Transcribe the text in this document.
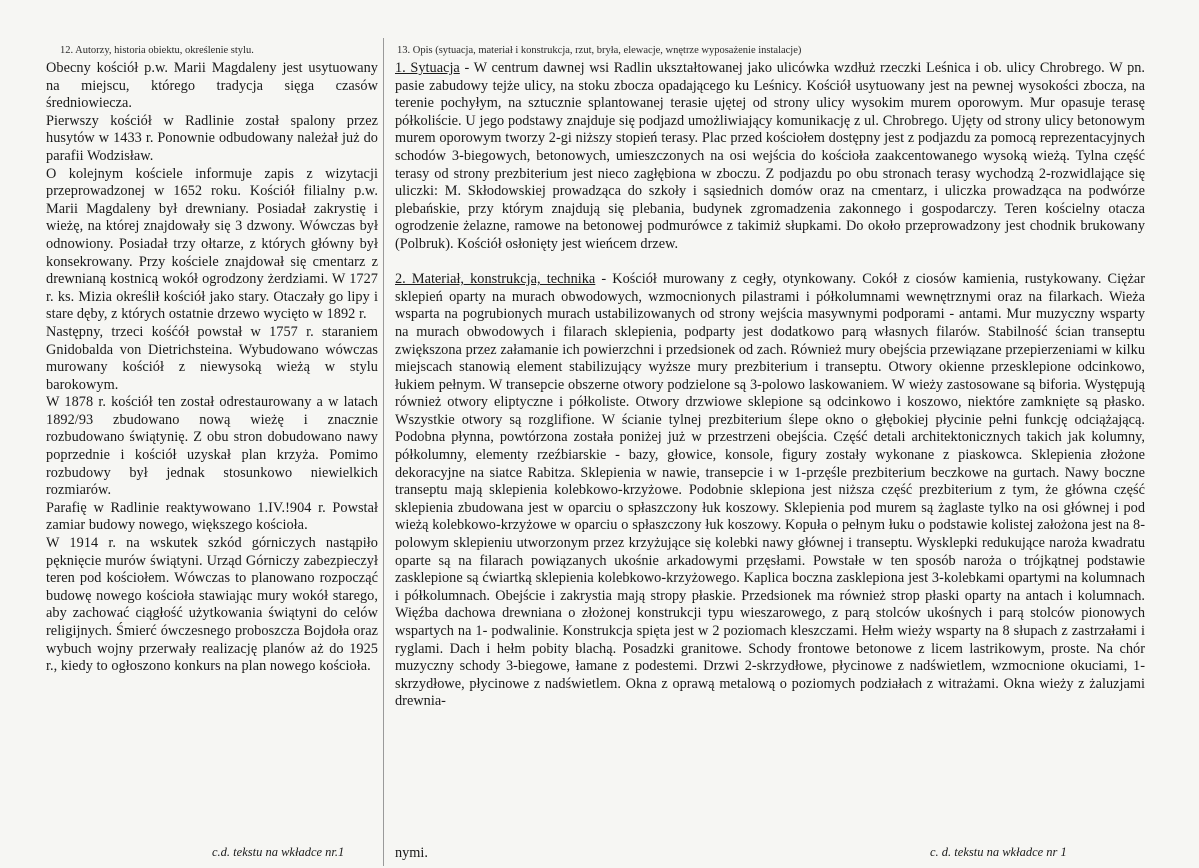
12. Autorzy, historia obiektu, określenie stylu.

Obecny kościół p.w. Marii Magdaleny jest usytuowany na miejscu, którego tradycja sięga czasów średniowiecza.

Pierwszy kościół w Radlinie został spalony przez husytów w 1433 r. Ponownie odbudowany należał już do parafii Wodzisław.

O kolejnym kościele informuje zapis z wizytacji przeprowadzonej w 1652 roku. Kościół filialny p.w. Marii Magdaleny był drewniany. Posiadał zakrystię i wieżę, na której znajdowały się 3 dzwony. Wówczas był odnowiony. Posiadał trzy ołtarze, z których główny był konsekrowany. Przy kościele znajdował się cmentarz z drewnianą kostnicą wokół ogrodzony żerdziami. W 1727 r. ks. Mizia określił kościół jako stary. Otaczały go lipy i stare dęby, z których ostatnie drzewo wycięto w 1892 r.

Następny, trzeci kośćół powstał w 1757 r. staraniem Gnidobalda von Dietrichsteina. Wybudowano wówczas murowany kościół z niewysoką wieżą w stylu barokowym.

W 1878 r. kościół ten został odrestaurowany a w latach 1892/93 zbudowano nową wieżę i znacznie rozbudowano świątynię. Z obu stron dobudowano nawy poprzednie i kościół uzyskał plan krzyża. Pomimo rozbudowy był jednak stosunkowo niewielkich rozmiarów.

Parafię w Radlinie reaktywowano 1.IV.!904 r. Powstał zamiar budowy nowego, większego kościoła.

W 1914 r. na wskutek szkód górniczych nastąpiło pęknięcie murów świątyni. Urząd Górniczy zabezpieczył teren pod kościołem. Wówczas to planowano rozpocząć budowę nowego kościoła stawiając mury wokół starego, aby zachować ciągłość użytkowania świątyni do celów religijnych. Śmierć ówczesnego proboszcza Bojdoła oraz wybuch wojny przerwały realizację planów aż do 1925 r., kiedy to ogłoszono konkurs na plan nowego kościoła.

c.d. tekstu na wkładce nr.1
13. Opis (sytuacja, materiał i konstrukcja, rzut, bryła, elewacje, wnętrze wyposażenie instalacje)

1. Sytuacja - W centrum dawnej wsi Radlin ukształtowanej jako ulicówka wzdłuż rzeczki Leśnica i ob. ulicy Chrobrego. W pn. pasie zabudowy tejże ulicy, na stoku zbocza opadającego ku Leśnicy. Kościół usytuowany jest na pewnej wysokości zbocza, na terenie pochyłym, na sztucznie splantowanej terasie ujętej od strony ulicy wysokim murem oporowym. Mur opasuje terasę półkoliście. U jego podstawy znajduje się podjazd umożliwiający komunikację z ul. Chrobrego. Ujęty od strony ulicy betonowym murem oporowym tworzy 2-gi niższy stopień terasy. Plac przed kościołem dostępny jest z podjazdu za pomocą reprezentacyjnych schodów 3-biegowych, betonowych, umieszczonych na osi wejścia do kościoła zaakcentowanego wysoką wieżą. Tylna część terasy od strony prezbiterium jest nieco zagłębiona w zboczu. Z podjazdu po obu stronach terasy wychodzą 2-rozwidlające się uliczki: M. Skłodowskiej prowadząca do szkoły i sąsiednich domów oraz na cmentarz, i uliczka prowadząca na podwórze plebańskie, przy którym znajdują się plebania, budynek zgromadzenia zakonnego i gospodarczy. Teren kościelny otacza ogrodzenie żelazne, ramowe na betonowej podmurówce z takimiż słupkami. Do około przeprowadzony jest chodnik brukowany (Polbruk). Kościół osłonięty jest wieńcem drzew.

2. Materiał, konstrukcja, technika - Kościół murowany z cegły, otynkowany. Cokół z ciosów kamienia, rustykowany. Ciężar sklepień oparty na murach obwodowych, wzmocnionych pilastrami i półkolumnami wewnętrznymi oraz na filarkach. Wieża wsparta na pogrubionych murach ustabilizowanych od strony wejścia masywnymi podporami - antami. Mur muzyczny wsparty na murach obwodowych i filarach sklepienia, podparty jest dodatkowo parą własnych filarów. Stabilność ścian transeptu zwiększona przez załamanie ich powierzchni i przedsionek od zach. Również mury obejścia przewiązane przepierzeniami w kilku miejscach stanowią element stabilizujący wyższe mury prezbiterium i transeptu. Otwory okienne przesklepione odcinkowo, łukiem pełnym. W transepcie obszerne otwory podzielone są 3-polowo laskowaniem. W wieży zastosowane są biforia. Występują również otwory eliptyczne i półkoliste. Otwory drzwiowe sklepione są odcinkowo i koszowo, niektóre zamknięte są płasko. Wszystkie otwory są rozglifione. W ścianie tylnej prezbiterium ślepe okno o głębokiej płycinie pełni funkcję odciążającą. Podobna płynna, powtórzona została poniżej już w przestrzeni obejścia. Część detali architektonicznych takich jak kolumny, półkolumny, elementy rzeźbiarskie - bazy, głowice, konsole, figury zostały wykonane z piaskowca. Sklepienia złożone dekoracyjne na siatce Rabitza. Sklepienia w nawie, transepcie i w 1-przęśle prezbiterium beczkowe na gurtach. Nawy boczne transeptu mają sklepienia kolebkowo-krzyżowe. Podobnie sklepiona jest niższa część prezbiterium z tym, że główna część sklepienia zbudowana jest w oparciu o spłaszczony łuk koszowy. Sklepienia pod murem są żaglaste tylko na osi głównej i pod wieżą kolebkowo-krzyżowe w oparciu o spłaszczony łuk koszowy. Kopuła o pełnym łuku o podstawie kolistej założona jest na 8-polowym sklepieniu utworzonym przez krzyżujące się kolebki nawy głównej i transeptu. Wysklepki redukujące naroża kwadratu oparte są na filarach powiązanych ukośnie arkadowymi przęsłami. Powstałe w ten sposób naroża o trójkątnej podstawie zasklepione są ćwiartką sklepienia kolebkowo-krzyżowego. Kaplica boczna zasklepiona jest 3-kolebkami opartymi na kolumnach i półkolumnach. Obejście i zakrystia mają stropy płaskie. Przedsionek ma również strop płaski oparty na antach i kolumnach. Więźba dachowa drewniana o złożonej konstrukcji typu wieszarowego, z parą stolców ukośnych i parą stolców pionowych wspartych na 1- podwalinie. Konstrukcja spięta jest w 2 poziomach kleszczami. Hełm wieży wsparty na 8 słupach z zastrzałami i ryglami. Dach i hełm pobity blachą. Posadzki granitowe. Schody frontowe betonowe z licem lastrikowym, proste. Na chór muzyczny schody 3-biegowe, łamane z podestemi. Drzwi 2-skrzydłowe, płycinowe z nadświetlem, wzmocnione okuciami, 1-skrzydłowe, płycinowe z nadświetlem. Okna z oprawą metalową o poziomych podziałach z witrażami. Okna wieży z żaluzjami drewnia-

nymi.	c. d. tekstu na wkładce nr 1
